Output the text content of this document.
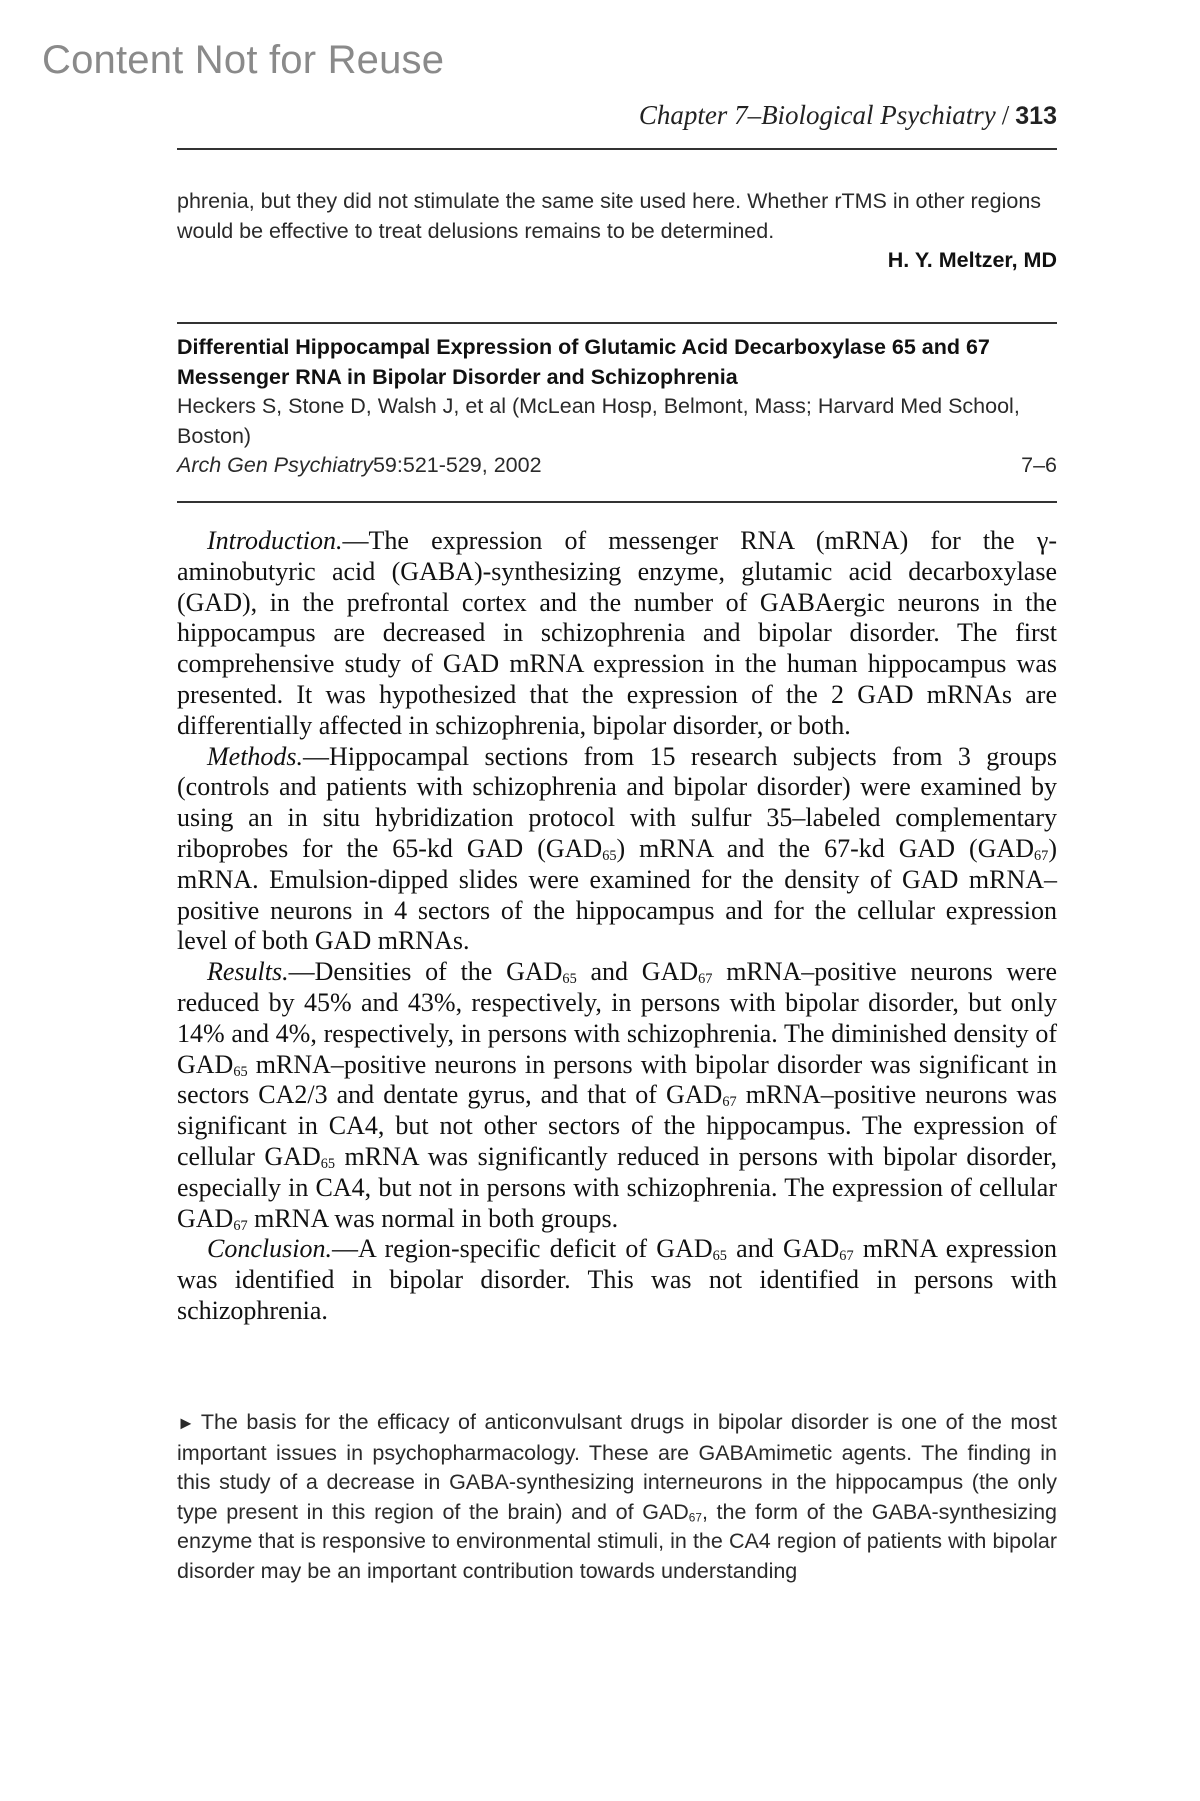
Content Not for Reuse
Chapter 7–Biological Psychiatry / 313

phrenia, but they did not stimulate the same site used here. Whether rTMS in other regions would be effective to treat delusions remains to be determined.

H. Y. Meltzer, MD

Differential Hippocampal Expression of Glutamic Acid Decarboxylase 65 and 67 Messenger RNA in Bipolar Disorder and Schizophrenia

Heckers S, Stone D, Walsh J, et al (McLean Hosp, Belmont, Mass; Harvard Med School, Boston)

Arch Gen Psychiatry59:521-529, 2002	7–6

Introduction.—The expression of messenger RNA (mRNA) for the γ-aminobutyric acid (GABA)-synthesizing enzyme, glutamic acid decarboxylase (GAD), in the prefrontal cortex and the number of GABAergic neurons in the hippocampus are decreased in schizophrenia and bipolar disorder. The first comprehensive study of GAD mRNA expression in the human hippocampus was presented. It was hypothesized that the expression of the 2 GAD mRNAs are differentially affected in schizophrenia, bipolar disorder, or both.

Methods.—Hippocampal sections from 15 research subjects from 3 groups (controls and patients with schizophrenia and bipolar disorder) were examined by using an in situ hybridization protocol with sulfur 35–labeled complementary riboprobes for the 65-kd GAD $(GAD_{65})$ mRNA and the 67-kd GAD $(GAD_{67})$ mRNA. Emulsion-dipped slides were examined for the density of GAD mRNA–positive neurons in 4 sectors of the hippocampus and for the cellular expression level of both GAD mRNAs.

Results.—Densities of the $GAD_{65}$ and $GAD_{67}$ mRNA–positive neurons were reduced by 45% and 43%, respectively, in persons with bipolar disorder, but only 14% and 4%, respectively, in persons with schizophrenia. The diminished density of $GAD_{65}$ mRNA–positive neurons in persons with bipolar disorder was significant in sectors CA2/3 and dentate gyrus, and that of $GAD_{67}$ mRNA–positive neurons was significant in CA4, but not other sectors of the hippocampus. The expression of cellular $GAD_{65}$ mRNA was significantly reduced in persons with bipolar disorder, especially in CA4, but not in persons with schizophrenia. The expression of cellular $GAD_{67}$ mRNA was normal in both groups.

Conclusion.—A region-specific deficit of $GAD_{65}$ and $GAD_{67}$ mRNA expression was identified in bipolar disorder. This was not identified in persons with schizophrenia.

► The basis for the efficacy of anticonvulsant drugs in bipolar disorder is one of the most important issues in psychopharmacology. These are GABAmimetic agents. The finding in this study of a decrease in GABA-synthesizing interneurons in the hippocampus (the only type present in this region of the brain) and of $GAD_{67}$, the form of the GABA-synthesizing enzyme that is responsive to environmental stimuli, in the CA4 region of patients with bipolar disorder may be an important contribution towards understanding
